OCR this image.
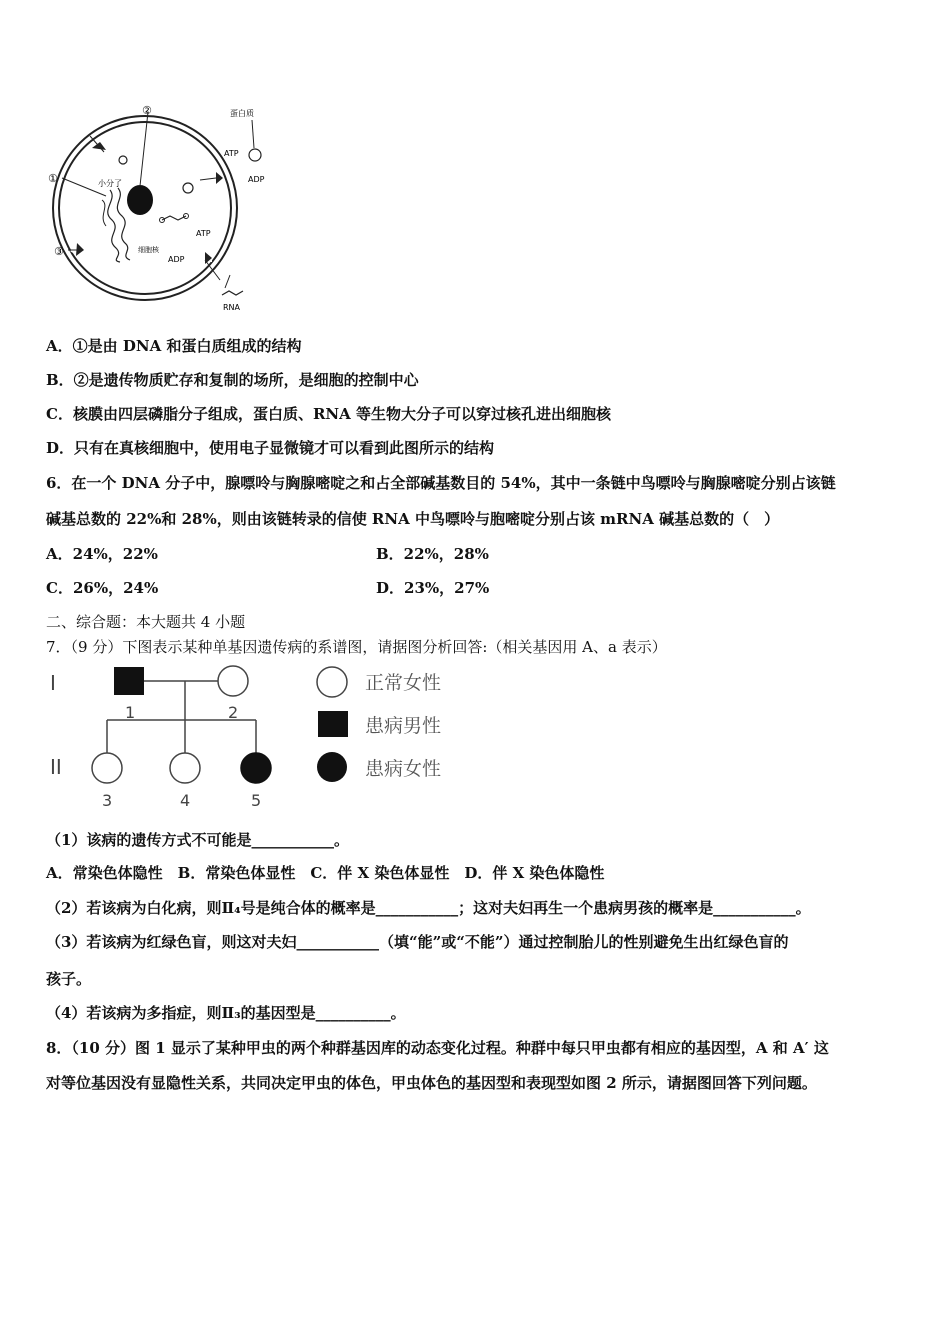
②
①
③
蛋白质
小分了
细胞核
ATP
ADP
ATP
ADP
RNA
A．①是由 DNA 和蛋白质组成的结构
B．②是遗传物质贮存和复制的场所，是细胞的控制中心
C．核膜由四层磷脂分子组成，蛋白质、RNA 等生物大分子可以穿过核孔进出细胞核
D．只有在真核细胞中，使用电子显微镜才可以看到此图所示的结构
6．在一个 DNA 分子中，腺嘌呤与胸腺嘧啶之和占全部碱基数目的 54%，其中一条链中鸟嘌呤与胸腺嘧啶分别占该链
碱基总数的 22%和 28%，则由该链转录的信使 RNA 中鸟嘌呤与胞嘧啶分别占该 mRNA 碱基总数的（　）
A．24%，22%	B．22%，28%
C．26%，24%	D．23%，27%
二、综合题：本大题共 4 小题
7．（9 分）下图表示某种单基因遗传病的系谱图，请据图分析回答:（相关基因用 A、a 表示）
I
II
1	2
3	4	5
正常女性
患病男性
患病女性
（1）该病的遗传方式不可能是___________。
A．常染色体隐性　B．常染色体显性　C．伴 X 染色体显性　D．伴 X 染色体隐性
（2）若该病为白化病，则Ⅱ₄号是纯合体的概率是___________；这对夫妇再生一个患病男孩的概率是___________。
（3）若该病为红绿色盲，则这对夫妇___________（填“能”或“不能”）通过控制胎儿的性别避免生出红绿色盲的
孩子。
（4）若该病为多指症，则Ⅱ₃的基因型是__________。
8．（10 分）图 1 显示了某种甲虫的两个种群基因库的动态变化过程。种群中每只甲虫都有相应的基因型，A 和 A′ 这
对等位基因没有显隐性关系，共同决定甲虫的体色，甲虫体色的基因型和表现型如图 2 所示，请据图回答下列问题。
